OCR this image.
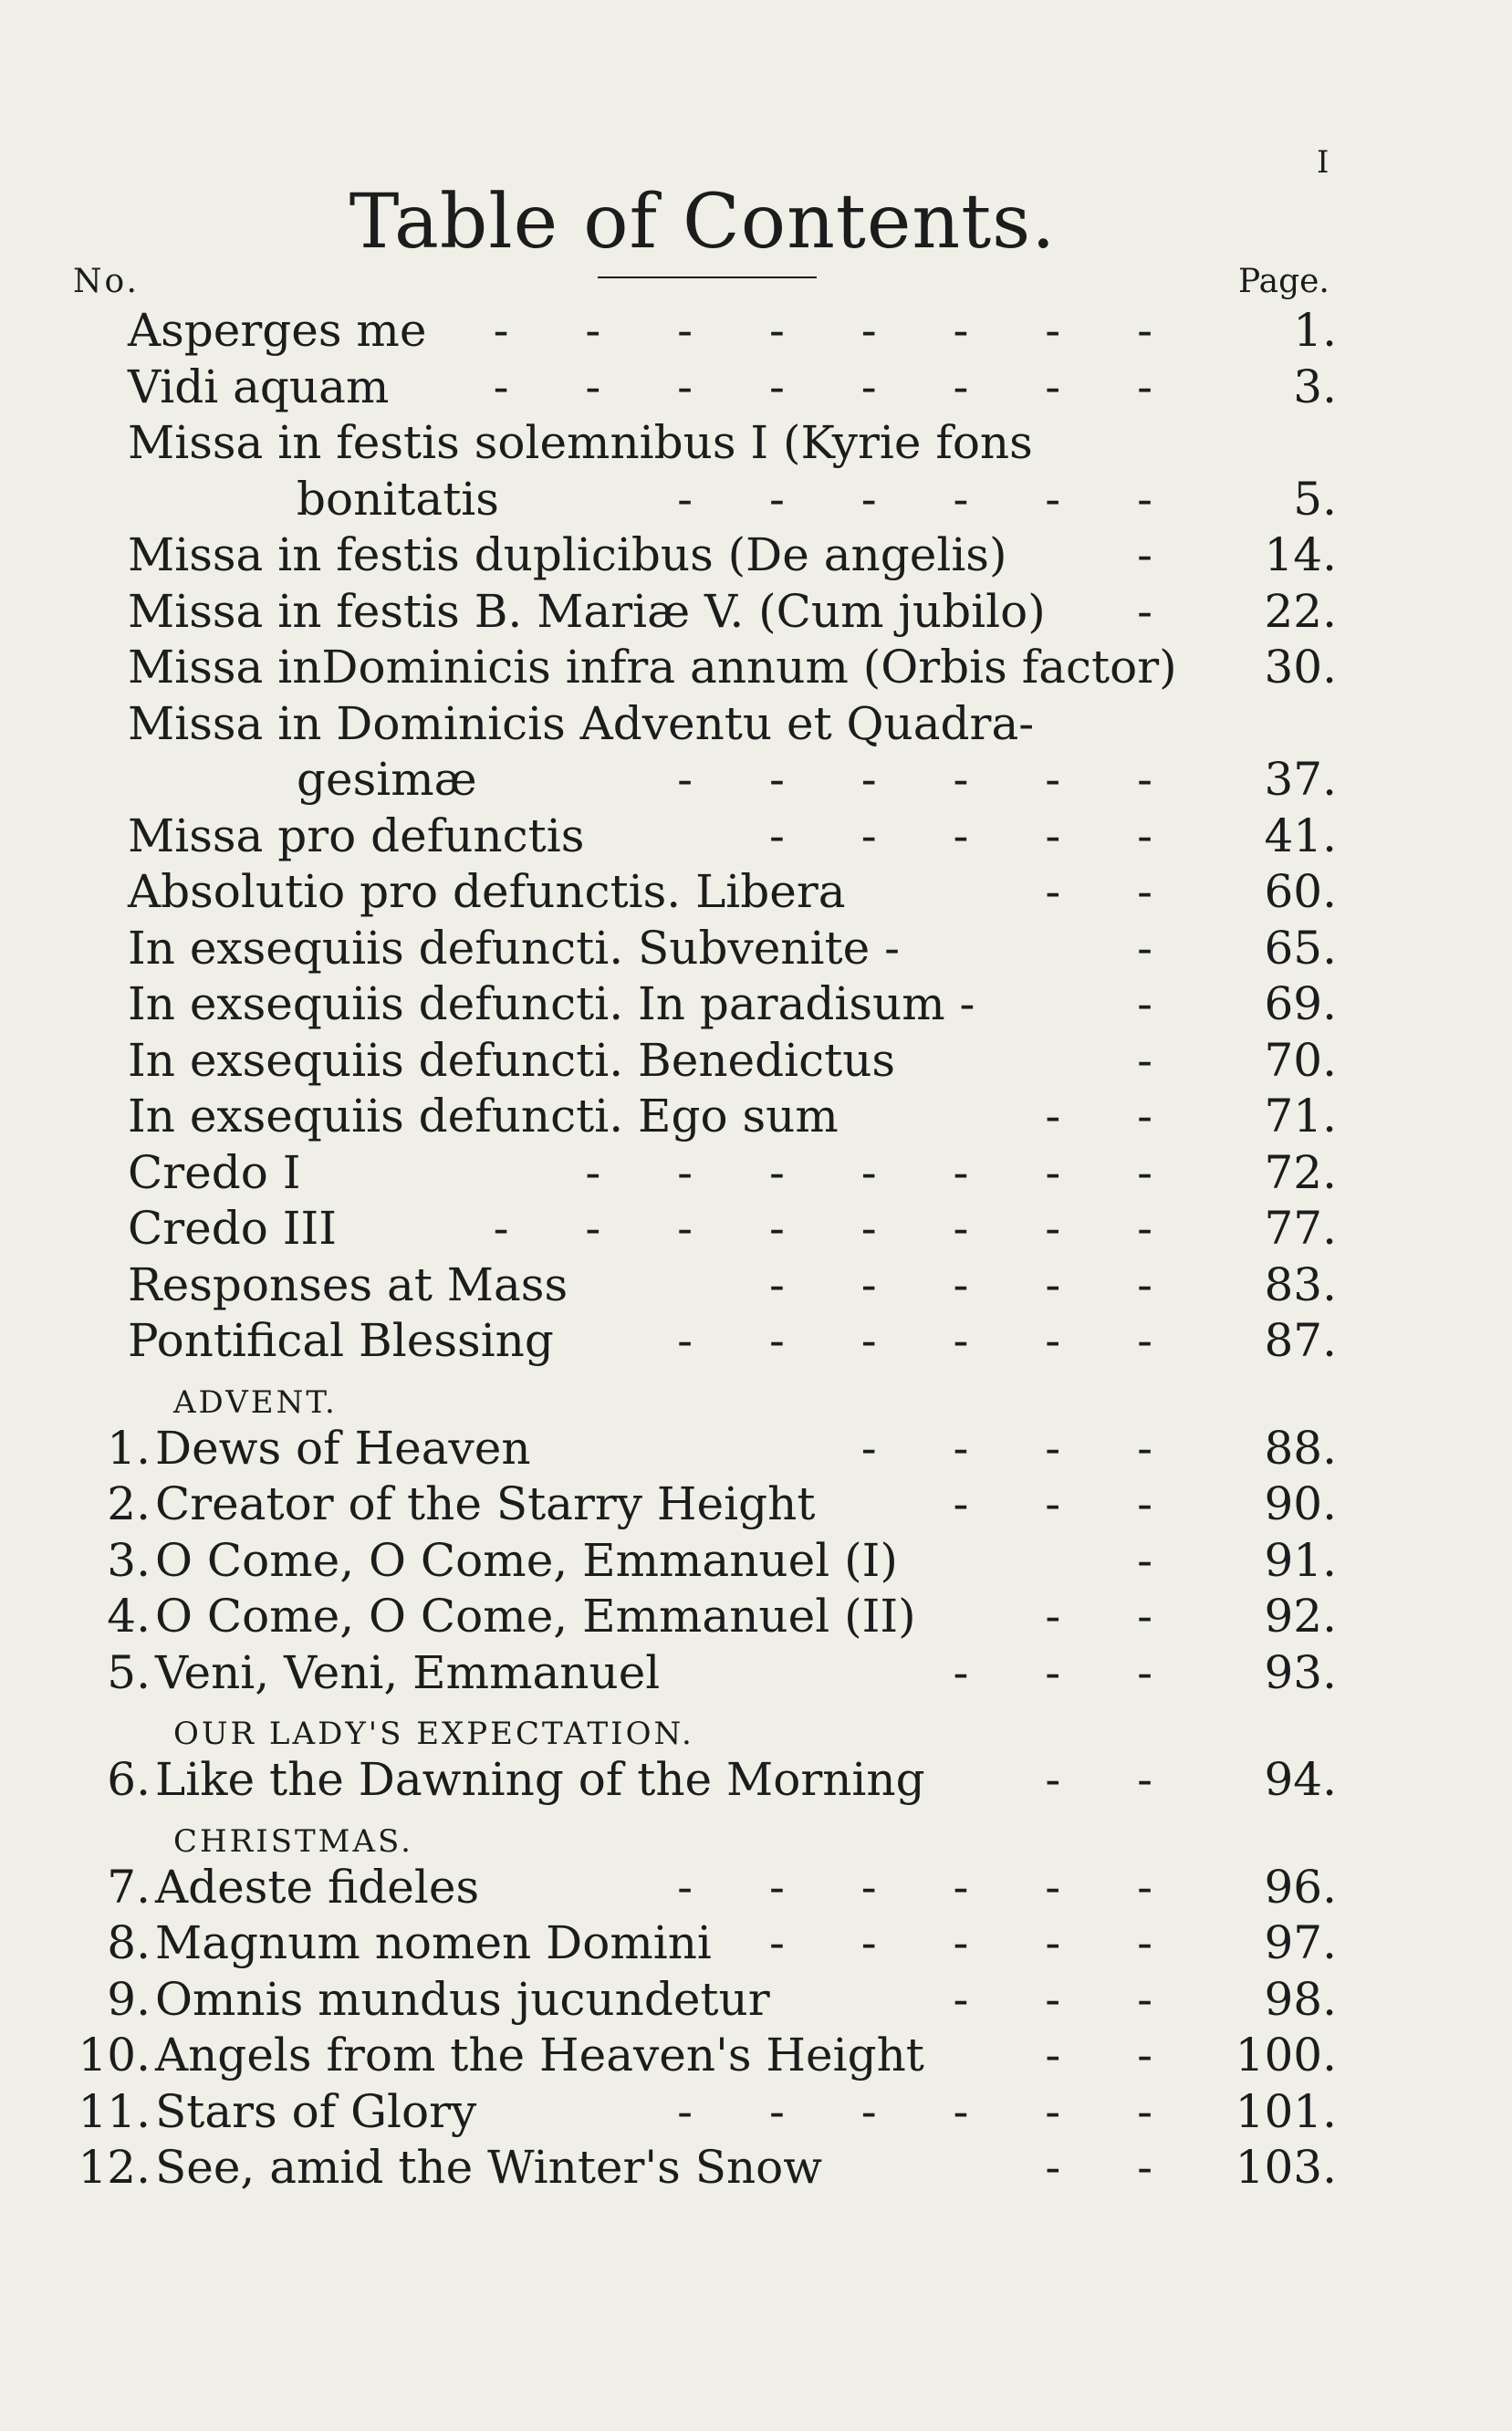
I
Table of Contents.
No.	Page.
Asperges me - - - - - - - - 1.
Vidi aquam - - - - - - - - 3.
Missa in festis solemnibus I (Kyrie fons
bonitatis	- - - - - - 5.
Missa in festis duplicibus (De angelis)	- 14.
Missa in festis B. Mariæ V. (Cum jubilo) - 22.
Missa inDominicis infra annum (Orbis factor) 30.
Missa in Dominicis Adventu et Quadra-
gesimæ	- - - - - - 37.
Missa pro defunctis	- - - - - 41.
Absolutio pro defunctis. Libera	- - 60.
In exsequiis defuncti. Subvenite -	- 65.
In exsequiis defuncti. In paradisum -	- 69.
In exsequiis defuncti. Benedictus	- 70.
In exsequiis defuncti. Ego sum	- - 71.
Credo I	- - - - - - - 72.
Credo III	- - - - - - - - 77.
Responses at Mass	- - - - - 83.
Pontifical Blessing	- - - - - - 87.
ADVENT.
1. Dews of Heaven	- - - - 88.
2. Creator of the Starry Height	- - - 90.
3. O Come, O Come, Emmanuel (I)	- 91.
4. O Come, O Come, Emmanuel (II)	- - 92.
5. Veni, Veni, Emmanuel	- - - 93.
OUR LADY'S EXPECTATION.
6. Like the Dawning of the Morning	- - 94.
CHRISTMAS.
7. Adeste fideles	- - - - - - 96.
8. Magnum nomen Domini - - - - - 97.
9. Omnis mundus jucundetur	- - - 98.
10. Angels from the Heaven's Height	- - 100.
11. Stars of Glory	- - - - - - 101.
12. See, amid the Winter's Snow	- - 103.
